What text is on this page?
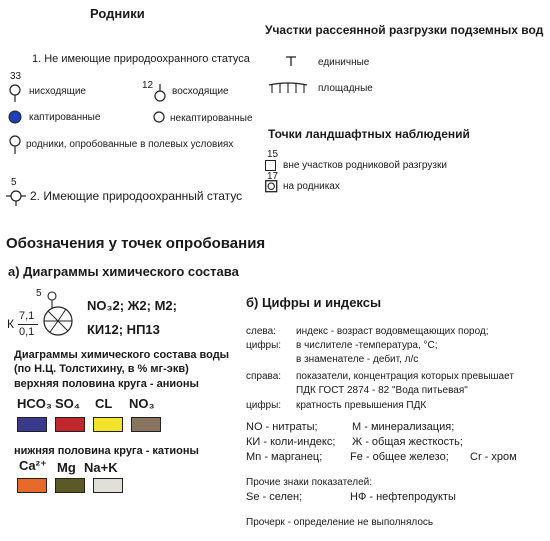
Родники
1. Не имеющие природоохранного статуса
33
нисходящие
12
восходящие
каптированные	некаптированные
родники, опробованные в полевых условиях
5
2. Имеющие природоохранный статус
Участки рассеянной разгрузки подземных вод
единичные
площадные
Точки ландшафтных наблюдений
15
вне участков родниковой разгрузки
17
на родниках
Обозначения у точек опробования
а) Диаграммы химического состава
5
К
7,1
0,1
NO₃2; Ж2; М2;
КИ12; НП13
Диаграммы химического состава воды
(по Н.Ц. Толстихину, в % мг-экв)
верхняя половина круга - анионы
HCO₃ SO₄ CL NO₃
нижняя половина круга - катионы
Ca²⁺ Mg Na+K
б) Цифры и индексы
слева: индекс - возраст водовмещающих пород;
цифры: в числителе -температура, °С;
в знаменателе - дебит, л/с
справа: показатели, концентрация которых превышает
ПДК ГОСТ 2874 - 82 "Вода питьевая"
цифры: кратность превышения ПДК
NO - нитраты;	М - минерализация;
КИ - коли-индекс; Ж - общая жесткость;
Mn - марганец;	Fe - общее железо; Cr - хром
Прочие знаки показателей:
Se - селен;	НФ - нефтепродукты
Прочерк - определение не выполнялось
